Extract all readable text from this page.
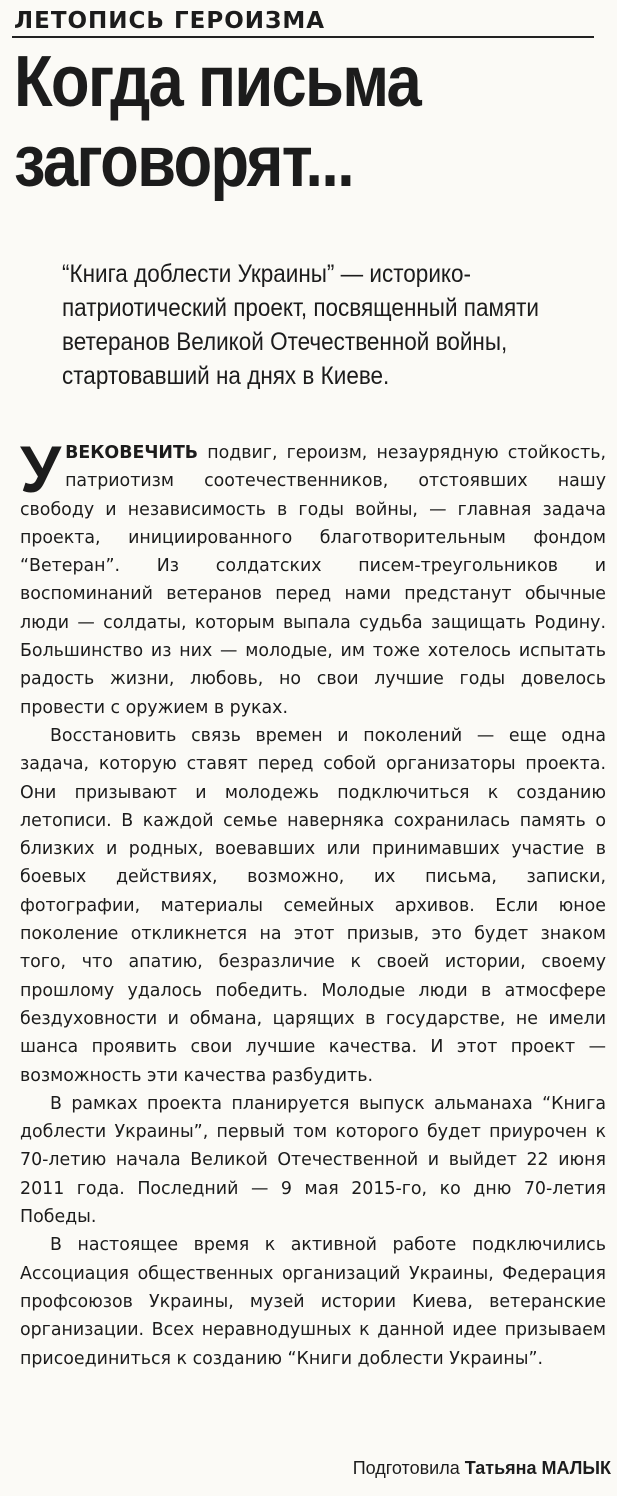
ЛЕТОПИСЬ ГЕРОИЗМА
Когда письма
заговорят...
“Книга доблести Украины” — историко-патриотический проект, посвященный памяти ветеранов Великой Отечественной войны, стартовавший на днях в Киеве.

УВЕКОВЕЧИТЬ подвиг, героизм, незаурядную стойкость, патриотизм соотечественников, отстоявших нашу свободу и независимость в годы войны, — главная задача проекта, инициированного благотворительным фондом “Ветеран”. Из солдатских писем-треугольников и воспоминаний ветеранов перед нами предстанут обычные люди — солдаты, которым выпала судьба защищать Родину. Большинство из них — молодые, им тоже хотелось испытать радость жизни, любовь, но свои лучшие годы довелось провести с оружием в руках.

Восстановить связь времен и поколений — еще одна задача, которую ставят перед собой организаторы проекта. Они призывают и молодежь подключиться к созданию летописи. В каждой семье наверняка сохранилась память о близких и родных, воевавших или принимавших участие в боевых действиях, возможно, их письма, записки, фотографии, материалы семейных архивов. Если юное поколение откликнется на этот призыв, это будет знаком того, что апатию, безразличие к своей истории, своему прошлому удалось победить. Молодые люди в атмосфере бездуховности и обмана, царящих в государстве, не имели шанса проявить свои лучшие качества. И этот проект — возможность эти качества разбудить.

В рамках проекта планируется выпуск альманаха “Книга доблести Украины”, первый том которого будет приурочен к 70-летию начала Великой Отечественной и выйдет 22 июня 2011 года. Последний — 9 мая 2015-го, ко дню 70-летия Победы.

В настоящее время к активной работе подключились Ассоциация общественных организаций Украины, Федерация профсоюзов Украины, музей истории Киева, ветеранские организации. Всех неравнодушных к данной идее призываем присоединиться к созданию “Книги доблести Украины”.

Подготовила Татьяна МАЛЫК
